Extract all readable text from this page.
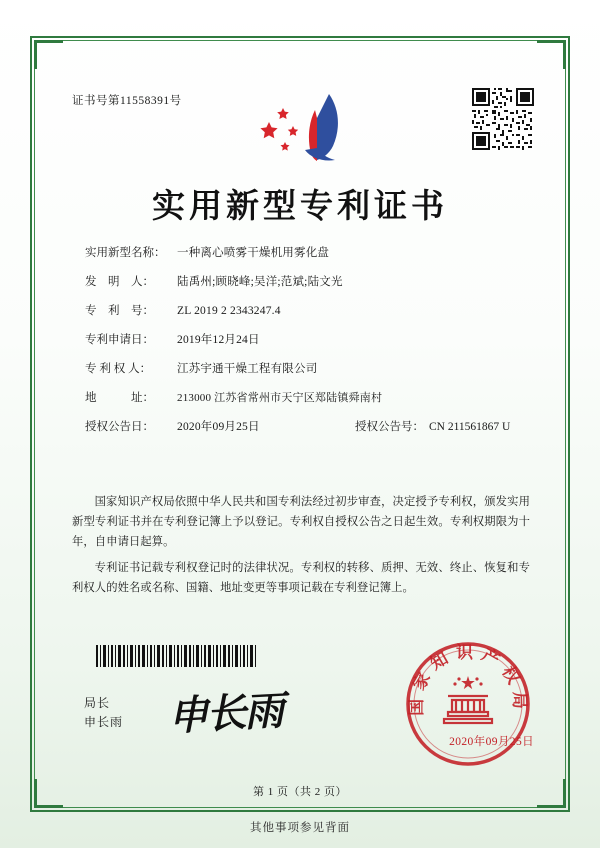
证书号第11558391号
实用新型专利证书
实用新型名称：	一种离心喷雾干燥机用雾化盘
发　明　人：	陆禹州;顾晓峰;吴洋;范斌;陆文光
专　利　号：	ZL 2019 2 2343247.4
专利申请日：	2019年12月24日
专 利 权 人：	江苏宇通干燥工程有限公司
地　　　址：	213000 江苏省常州市天宁区郑陆镇舜南村
授权公告日：	2020年09月25日	授权公告号： CN 211561867 U

国家知识产权局依照中华人民共和国专利法经过初步审查，决定授予专利权，颁发实用新型专利证书并在专利登记簿上予以登记。专利权自授权公告之日起生效。专利权期限为十年，自申请日起算。

专利证书记载专利权登记时的法律状况。专利权的转移、质押、无效、终止、恢复和专利权人的姓名或名称、国籍、地址变更等事项记载在专利登记簿上。

局长
申长雨 申长雨	国家知识产权局
2020年09月25日
第 1 页（共 2 页）
其他事项参见背面
